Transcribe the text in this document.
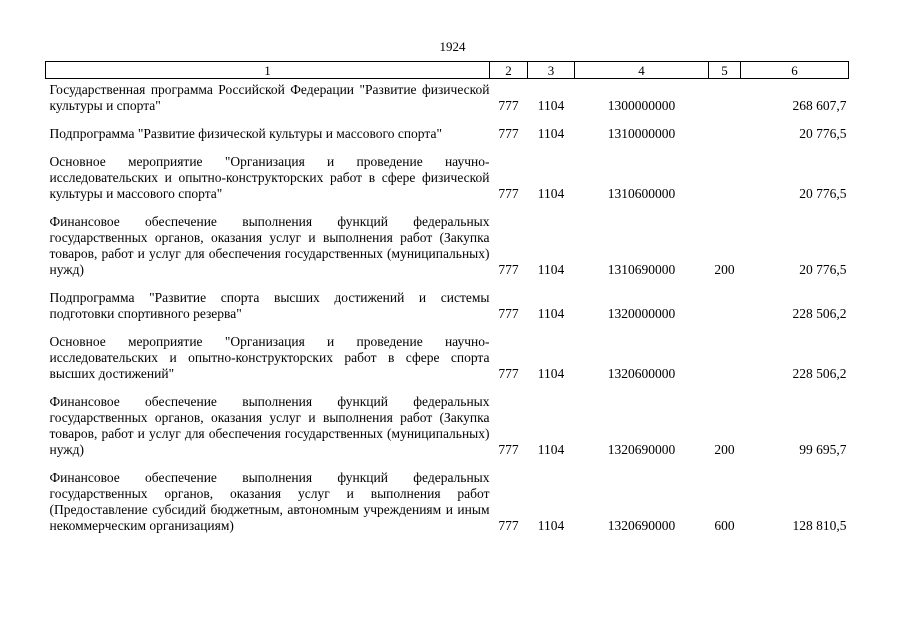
1924
1	2	3	4	5	6
Государственная программа Российской Федерации "Развитие физической культуры и спорта"	777	1104	1300000000		268 607,7

Подпрограмма "Развитие физической культуры и массового спорта"	777	1104	1310000000		20 776,5

Основное мероприятие "Организация и проведение научно-исследовательских и опытно-конструкторских работ в сфере физической культуры и массового спорта"	777	1104	1310600000		20 776,5

Финансовое обеспечение выполнения функций федеральных государственных органов, оказания услуг и выполнения работ (Закупка товаров, работ и услуг для обеспечения государственных (муниципальных) нужд)	777	1104	1310690000	200	20 776,5

Подпрограмма "Развитие спорта высших достижений и системы подготовки спортивного резерва"	777	1104	1320000000		228 506,2

Основное мероприятие "Организация и проведение научно-исследовательских и опытно-конструкторских работ в сфере спорта высших достижений"	777	1104	1320600000		228 506,2

Финансовое обеспечение выполнения функций федеральных государственных органов, оказания услуг и выполнения работ (Закупка товаров, работ и услуг для обеспечения государственных (муниципальных) нужд)	777	1104	1320690000	200	99 695,7

Финансовое обеспечение выполнения функций федеральных государственных органов, оказания услуг и выполнения работ (Предоставление субсидий бюджетным, автономным учреждениям и иным некоммерческим организациям)	777	1104	1320690000	600	128 810,5
